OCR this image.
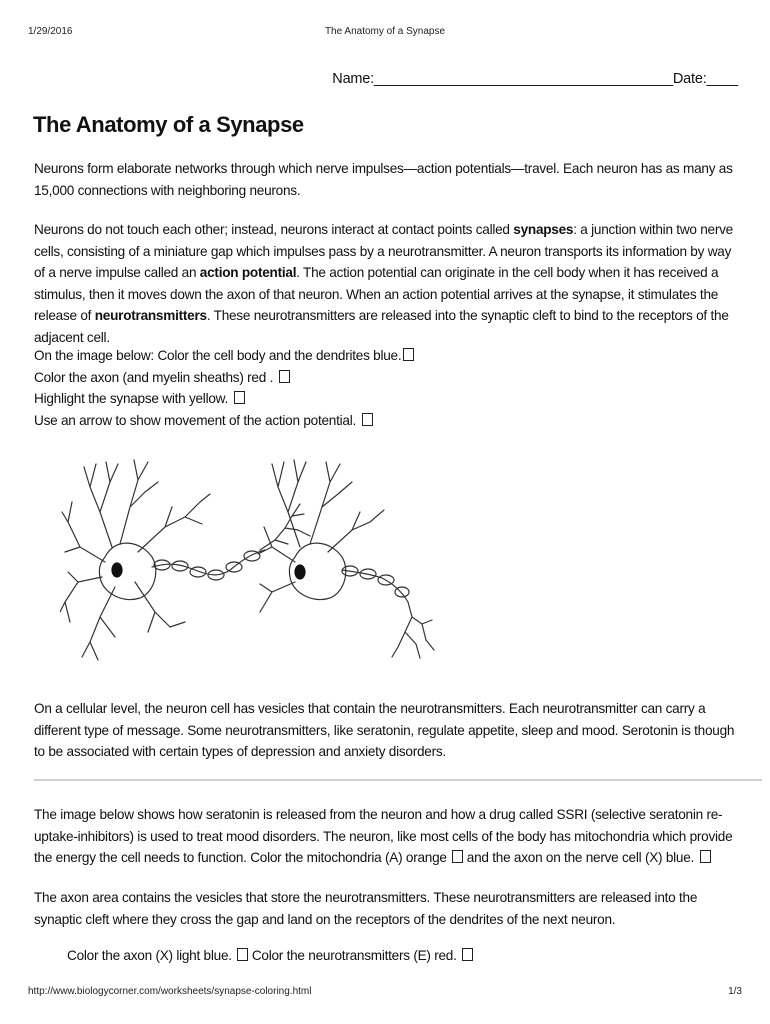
1/29/2016	The Anatomy of a Synapse
Name:______________________________________Date:____
The Anatomy of a Synapse
Neurons form elaborate networks through which nerve impulses—action potentials—travel. Each neuron has as many as 15,000 connections with neighboring neurons.
Neurons do not touch each other; instead, neurons interact at contact points called synapses: a junction within two nerve cells, consisting of a miniature gap which impulses pass by a neurotransmitter. A neuron transports its information by way of a nerve impulse called an action potential. The action potential can originate in the cell body when it has received a stimulus, then it moves down the axon of that neuron. When an action potential arrives at the synapse, it stimulates the release of neurotransmitters. These neurotransmitters are released into the synaptic cleft to bind to the receptors of the adjacent cell.
On the image below: Color the cell body and the dendrites blue.
Color the axon (and myelin sheaths) red .
Highlight the synapse with yellow.
Use an arrow to show movement of the action potential.
On a cellular level, the neuron cell has vesicles that contain the neurotransmitters. Each neurotransmitter can carry a different type of message. Some neurotransmitters, like seratonin, regulate appetite, sleep and mood. Serotonin is though to be associated with certain types of depression and anxiety disorders.
The image below shows how seratonin is released from the neuron and how a drug called SSRI (selective seratonin re-uptake-inhibitors) is used to treat mood disorders. The neuron, like most cells of the body has mitochondria which provide the energy the cell needs to function. Color the mitochondria (A) orange  and the axon on the nerve cell (X) blue.
The axon area contains the vesicles that store the neurotransmitters. These neurotransmitters are released into the synaptic cleft where they cross the gap and land on the receptors of the dendrites of the next neuron.
Color the axon (X) light blue.  Color the neurotransmitters (E) red.
http://www.biologycorner.com/worksheets/synapse-coloring.html	1/3
